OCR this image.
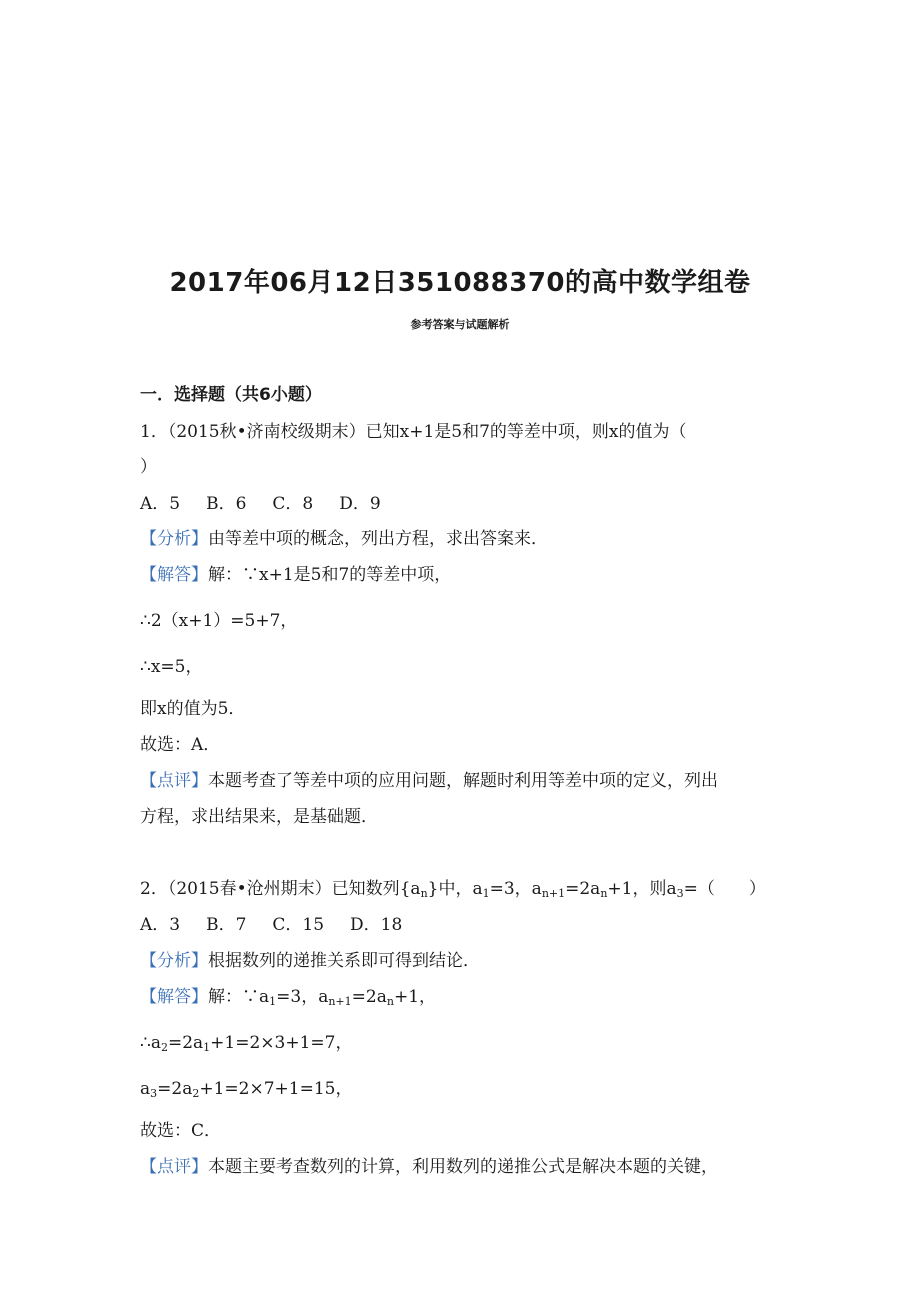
2017年06月12日351088370的高中数学组卷
参考答案与试题解析
一．选择题（共6小题）
1．（2015秋•济南校级期末）已知x+1是5和7的等差中项，则x的值为（
）
A．5 B．6 C．8 D．9
【分析】由等差中项的概念，列出方程，求出答案来．
【解答】解：∵x+1是5和7的等差中项，
∴2（x+1）=5+7，
∴x=5，
即x的值为5．
故选：A．
【点评】本题考查了等差中项的应用问题，解题时利用等差中项的定义，列出
方程，求出结果来，是基础题．
2．（2015春•沧州期末）已知数列$\{a_n\}$中，$a_1=3$，$a_{n+1}=2a_n+1$，则$a_3=$（　　）
A．3 B．7 C．15 D．18
【分析】根据数列的递推关系即可得到结论．
【解答】解：$\because a_1=3$，$a_{n+1}=2a_n+1$，
$\therefore a_2=2a_1+1=2\times 3+1=7$，
$a_3=2a_2+1=2\times 7+1=15$，
故选：C．
【点评】本题主要考查数列的计算，利用数列的递推公式是解决本题的关键，
